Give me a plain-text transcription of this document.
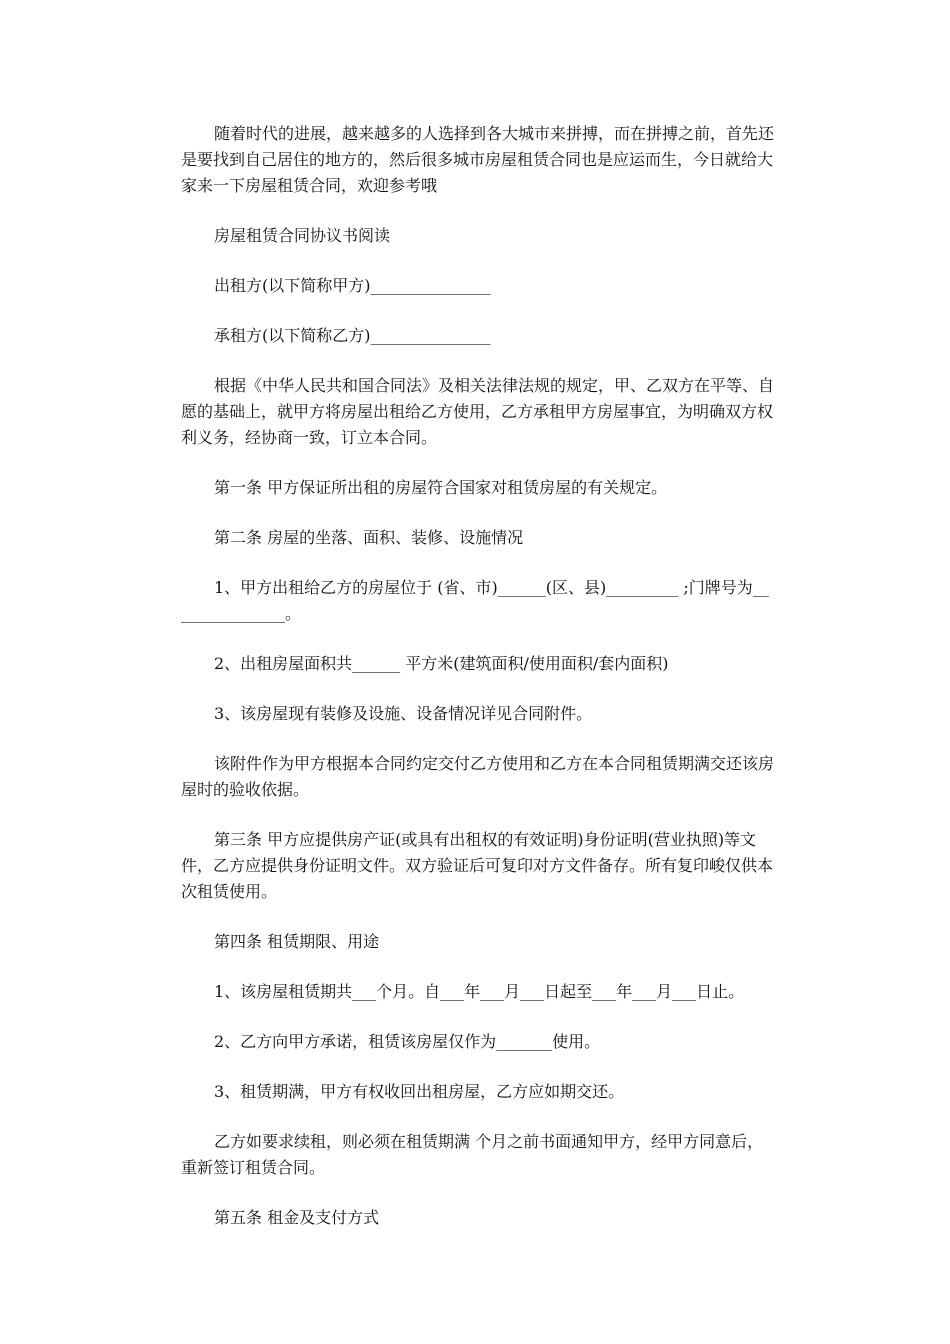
随着时代的进展，越来越多的人选择到各大城市来拼搏，而在拼搏之前，首先还是要找到自己居住的地方的，然后很多城市房屋租赁合同也是应运而生，今日就给大家来一下房屋租赁合同，欢迎参考哦

房屋租赁合同协议书阅读

出租方(以下简称甲方)_______________

承租方(以下简称乙方)_______________

根据《中华人民共和国合同法》及相关法律法规的规定，甲、乙双方在平等、自愿的基础上，就甲方将房屋出租给乙方使用，乙方承租甲方房屋事宜，为明确双方权利义务，经协商一致，订立本合同。

第一条 甲方保证所出租的房屋符合国家对租赁房屋的有关规定。

第二条 房屋的坐落、面积、装修、设施情况

1、甲方出租给乙方的房屋位于 (省、市)______(区、县)_________ ;门牌号为_______________。

2、出租房屋面积共______ 平方米(建筑面积/使用面积/套内面积)

3、该房屋现有装修及设施、设备情况详见合同附件。

该附件作为甲方根据本合同约定交付乙方使用和乙方在本合同租赁期满交还该房屋时的验收依据。

第三条 甲方应提供房产证(或具有出租权的有效证明)身份证明(营业执照)等文件，乙方应提供身份证明文件。双方验证后可复印对方文件备存。所有复印峻仅供本次租赁使用。

第四条 租赁期限、用途

1、该房屋租赁期共___个月。自___年___月___日起至___年___月___日止。

2、乙方向甲方承诺，租赁该房屋仅作为_______使用。

3、租赁期满，甲方有权收回出租房屋，乙方应如期交还。

乙方如要求续租，则必须在租赁期满 个月之前书面通知甲方，经甲方同意后，重新签订租赁合同。

第五条 租金及支付方式
